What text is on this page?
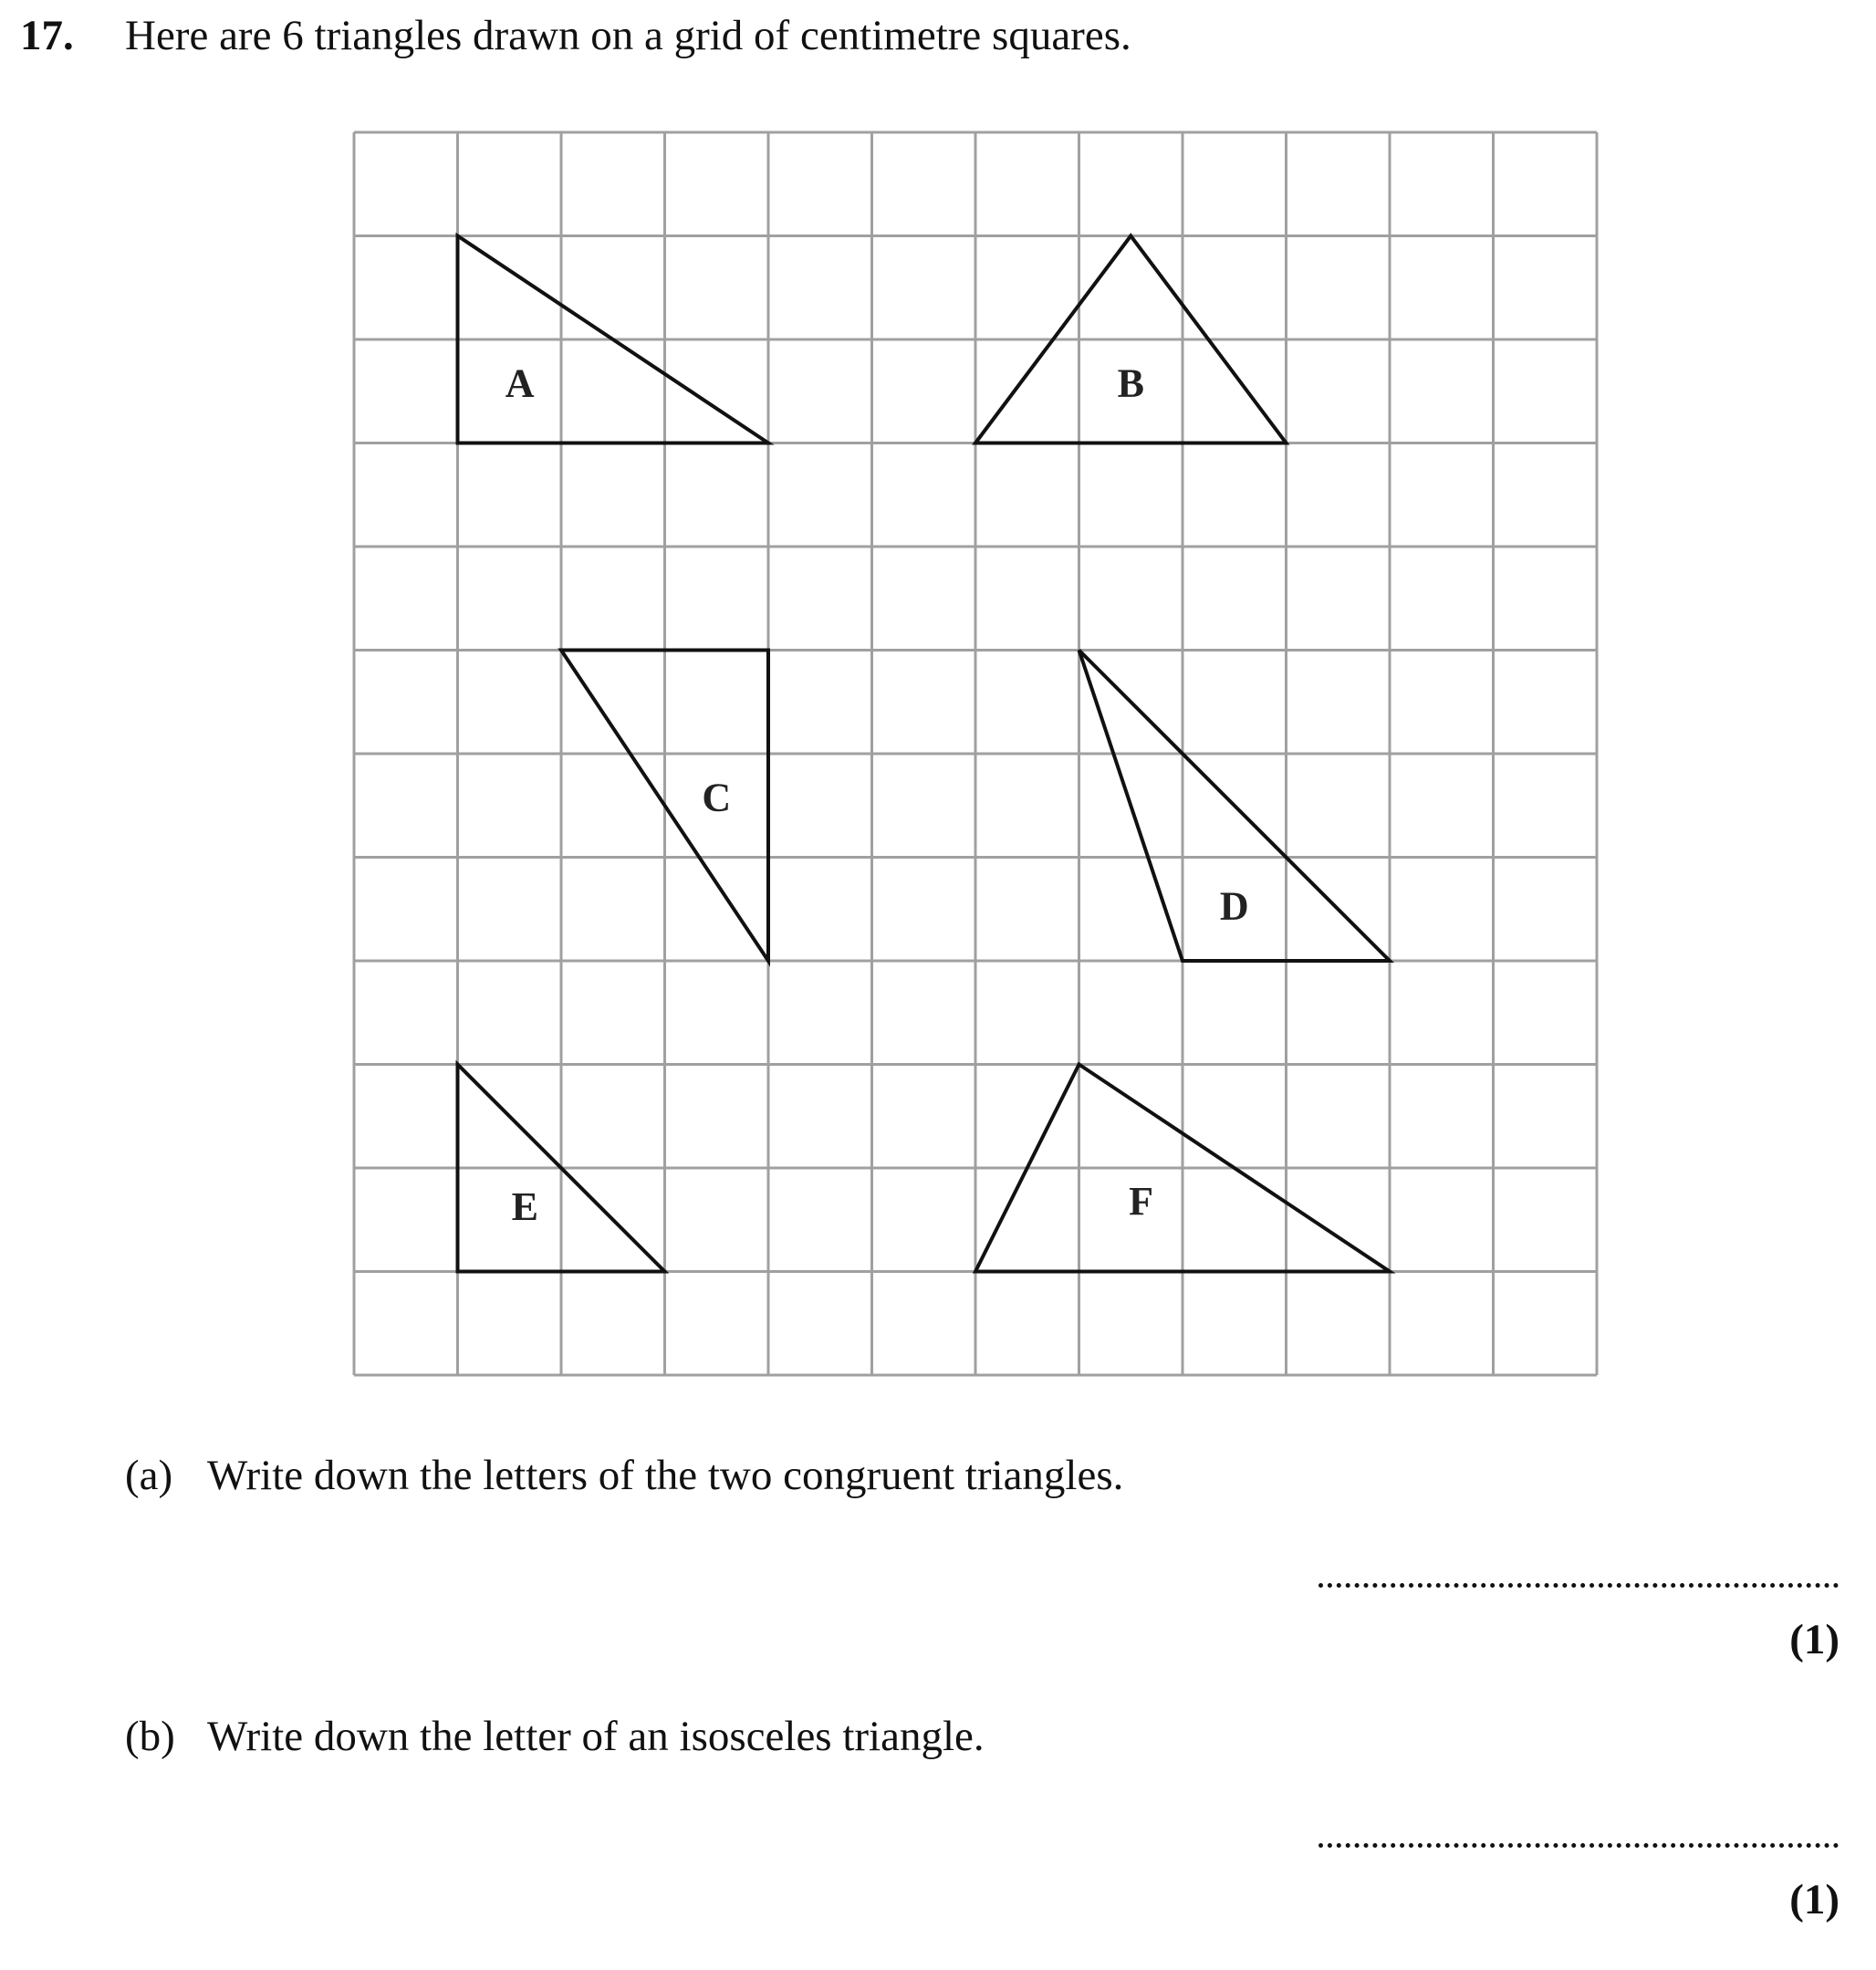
17. Here are 6 triangles drawn on a grid of centimetre squares.
A	B
C
D
E	F
(a) Write down the letters of the two congruent triangles.
(1)
(b) Write down the letter of an isosceles triangle.
(1)
